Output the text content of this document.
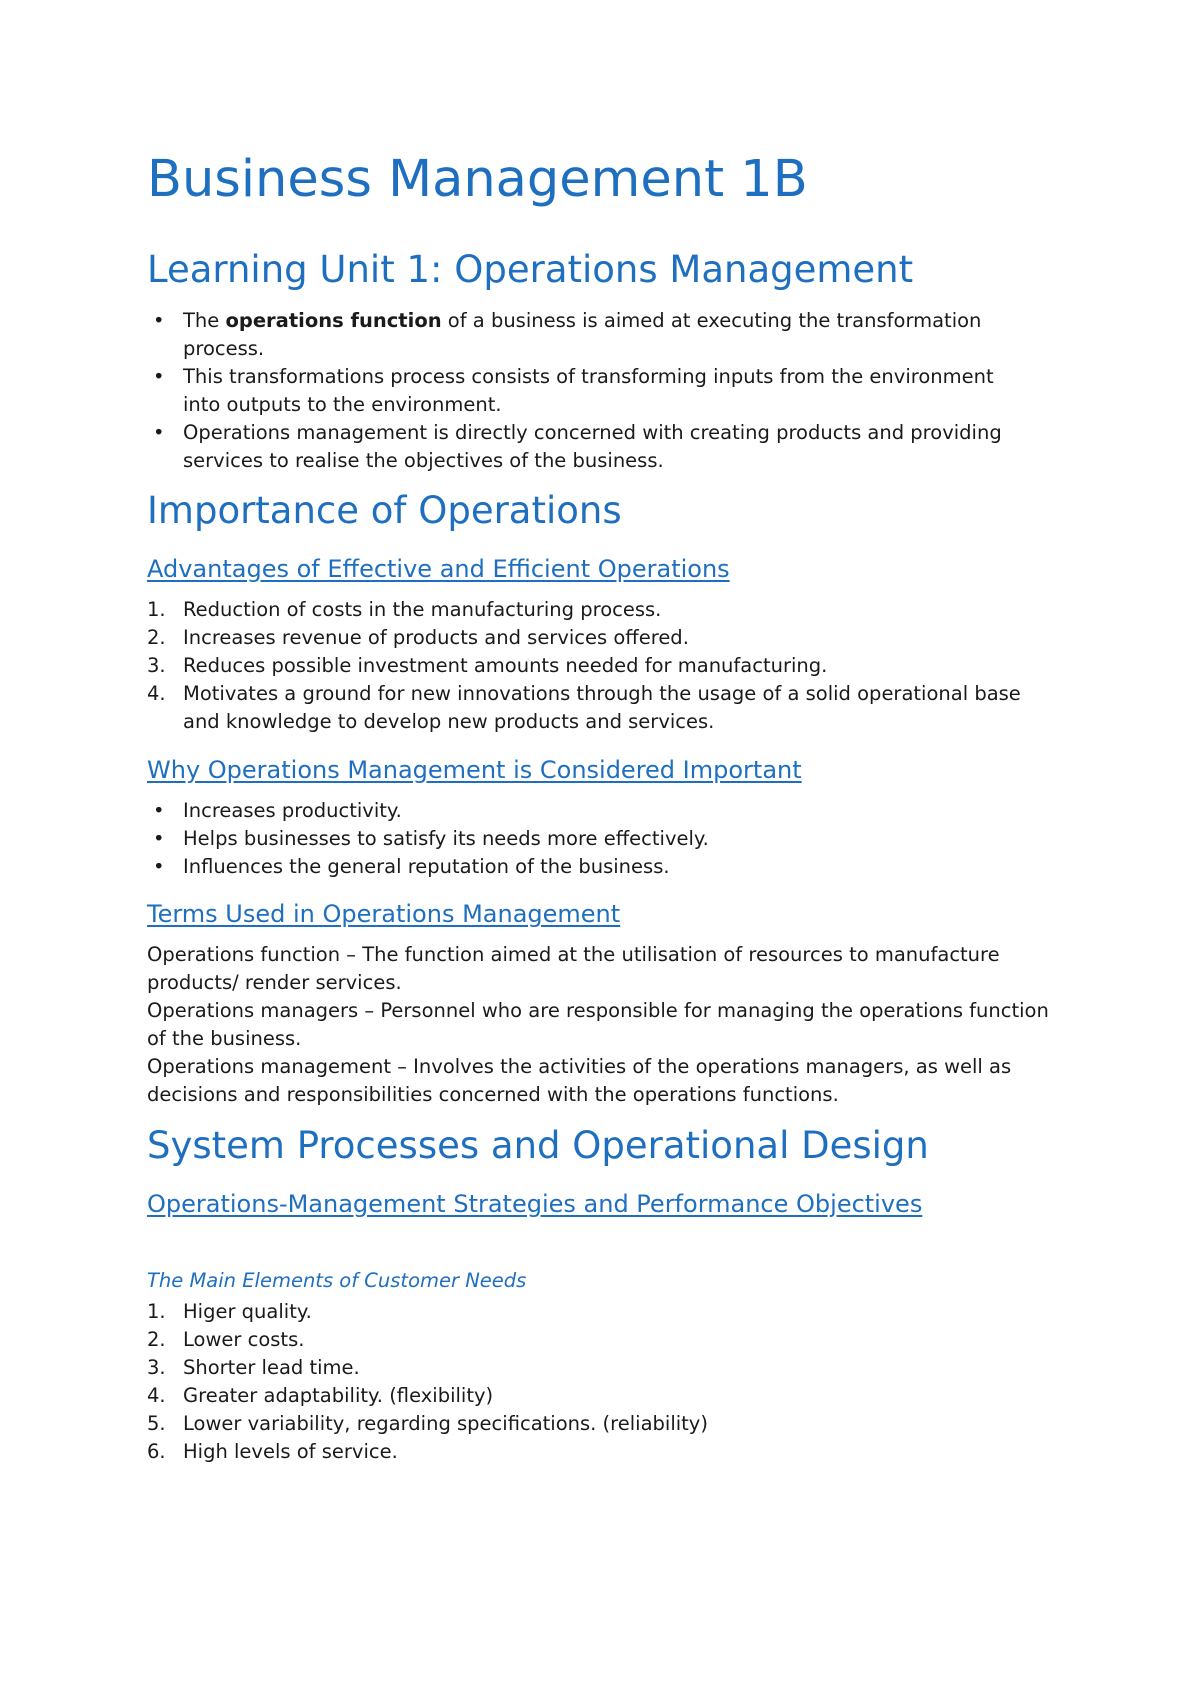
Business Management 1B
Learning Unit 1: Operations Management
• The operations function of a business is aimed at executing the transformation process.
• This transformations process consists of transforming inputs from the environment into outputs to the environment.
• Operations management is directly concerned with creating products and providing services to realise the objectives of the business.
Importance of Operations
Advantages of Effective and Efficient Operations
1. Reduction of costs in the manufacturing process.
2. Increases revenue of products and services offered.
3. Reduces possible investment amounts needed for manufacturing.
4. Motivates a ground for new innovations through the usage of a solid operational base and knowledge to develop new products and services.
Why Operations Management is Considered Important
• Increases productivity.
• Helps businesses to satisfy its needs more effectively.
• Influences the general reputation of the business.
Terms Used in Operations Management

Operations function – The function aimed at the utilisation of resources to manufacture products/ render services.

Operations managers – Personnel who are responsible for managing the operations function of the business.

Operations management – Involves the activities of the operations managers, as well as decisions and responsibilities concerned with the operations functions.

System Processes and Operational Design
Operations-Management Strategies and Performance Objectives
The Main Elements of Customer Needs
1. Higer quality.
2. Lower costs.
3. Shorter lead time.
4. Greater adaptability. (flexibility)
5. Lower variability, regarding specifications. (reliability)
6. High levels of service.
